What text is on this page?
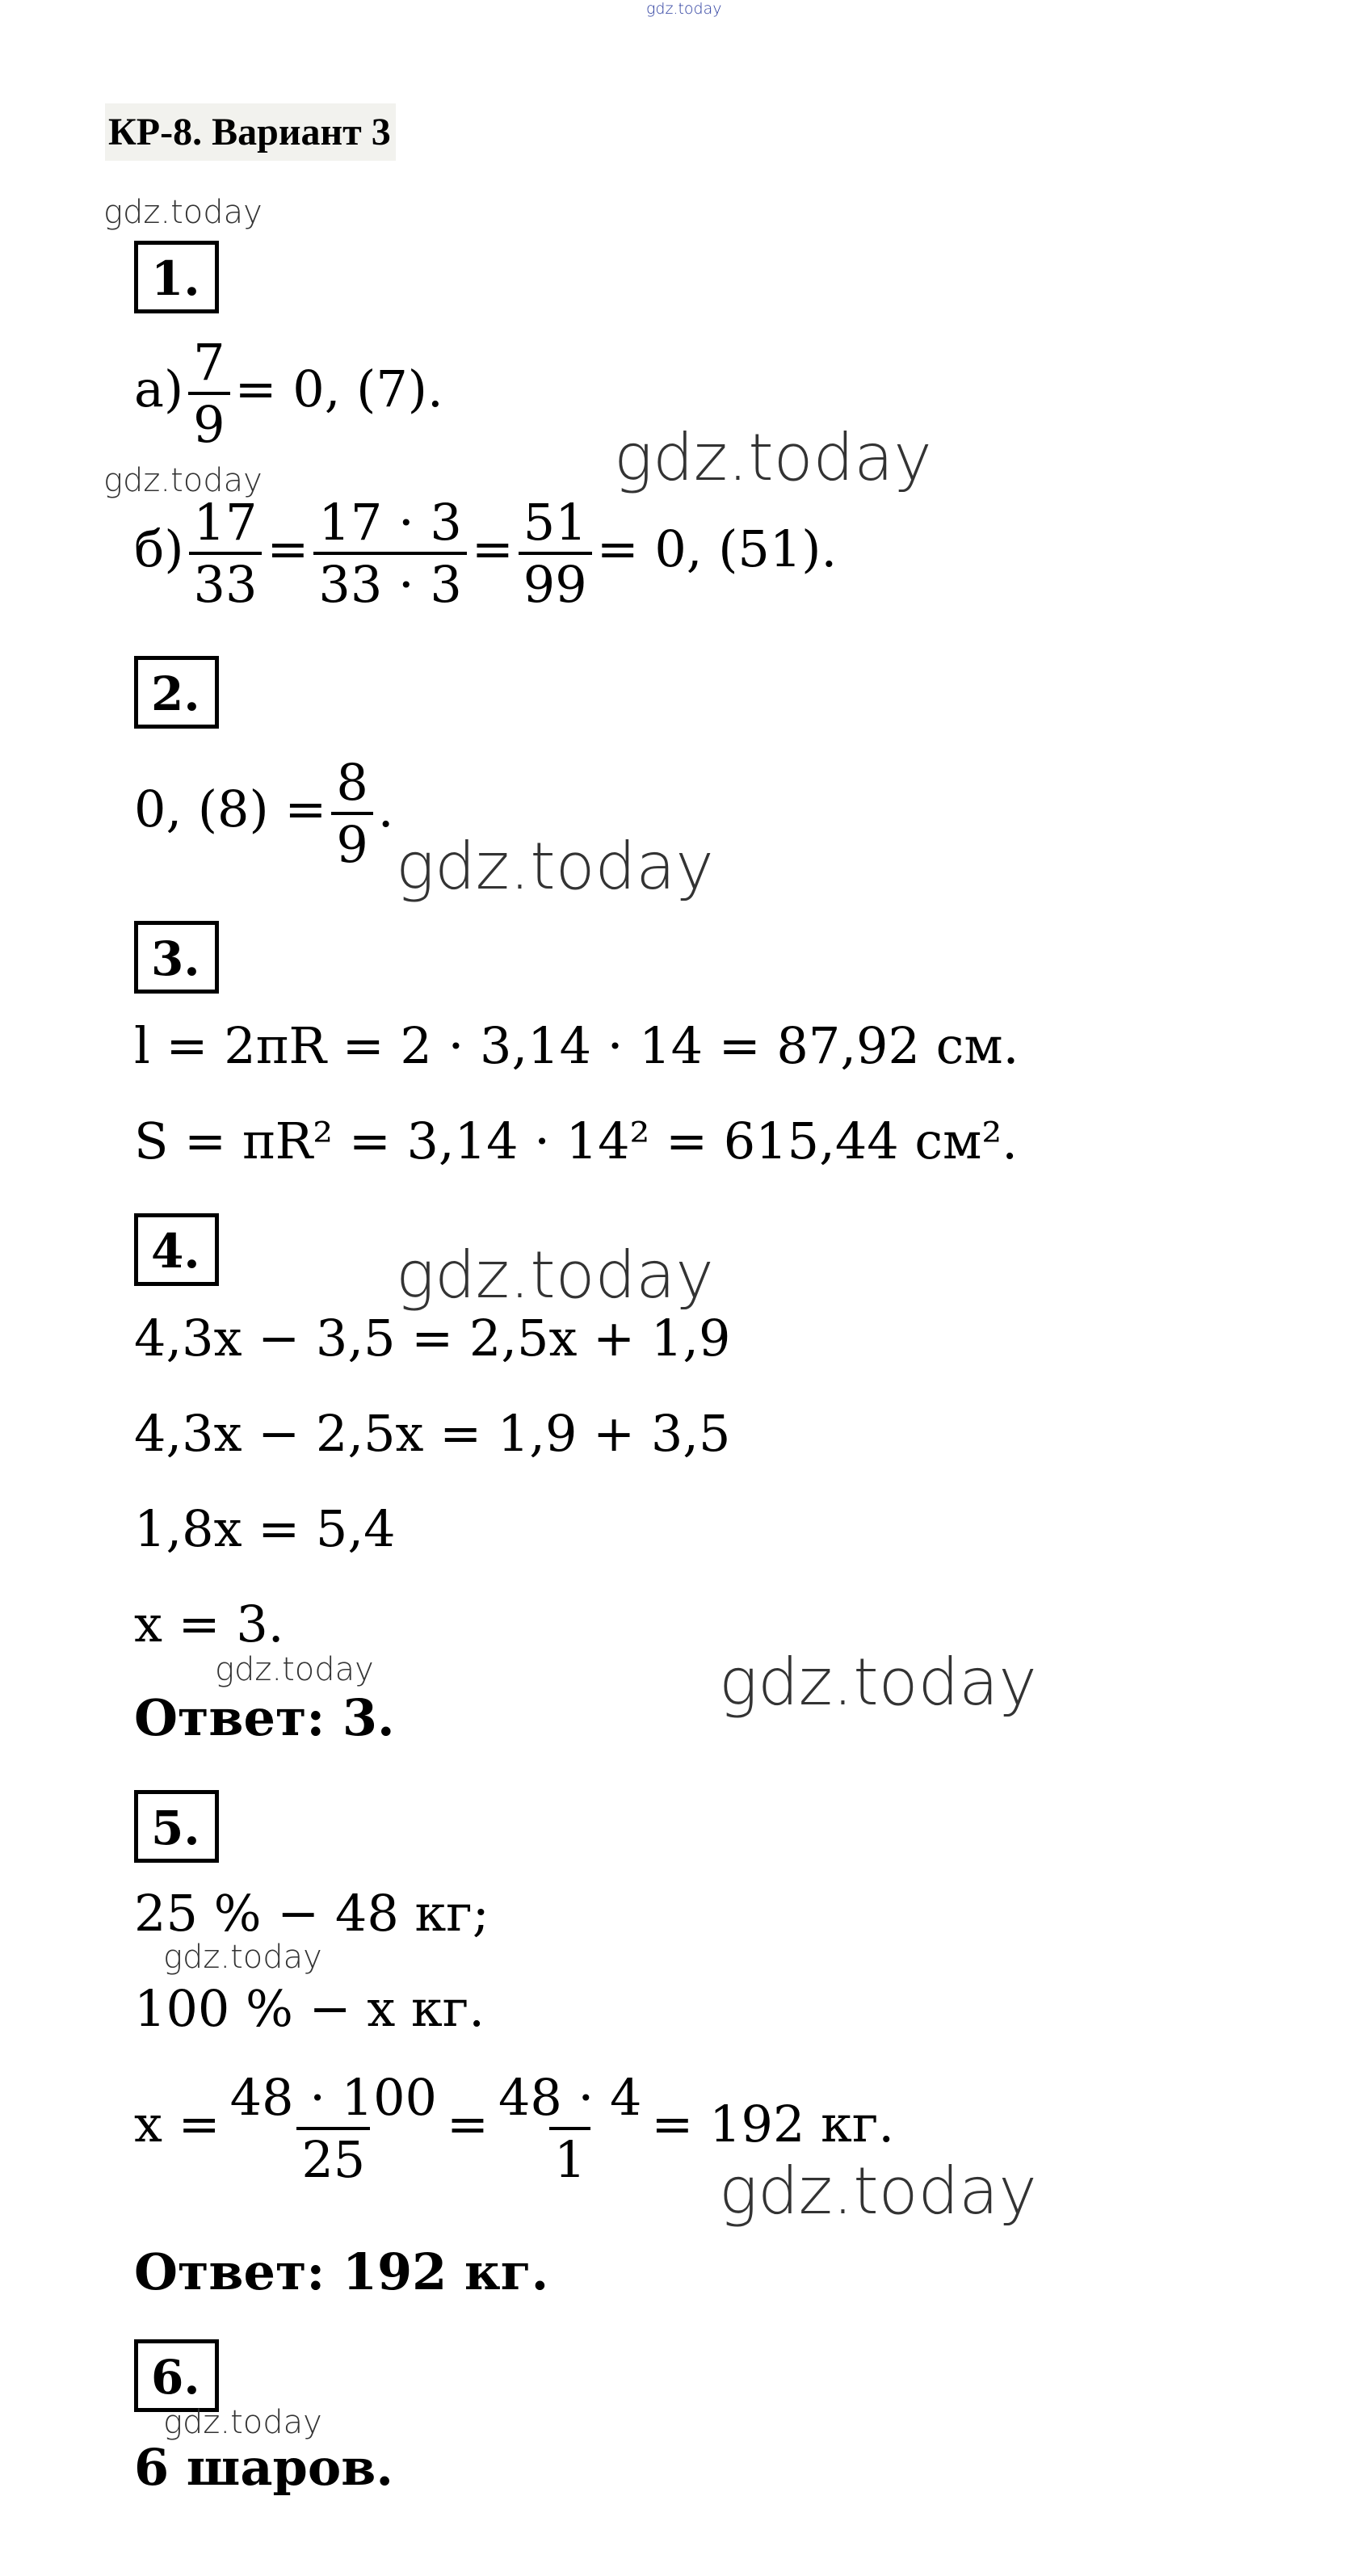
gdz.today
КР-8. Вариант 3
gdz.today
1.
$а) \frac{7}{9} = 0$, (7).
gdz.today
gdz.today
$б) \frac{17}{33} = \frac{17 \cdot 3}{33 \cdot 3} = \frac{51}{99} = 0$, (51).
2.
0, $(8) = \frac{8}{9}$ .
gdz.today
3.
l = 2πR = 2 · 3,14 · 14 = 87,92 см.
S = πR² = 3,14 · 14² = 615,44 см².
4.	gdz.today
4,3x − 3,5 = 2,5x + 1,9
4,3x − 2,5x = 1,9 + 3,5
1,8x = 5,4
x = 3.
gdz.today	gdz.today
Ответ: 3.
5.
25 % − 48 кг;
gdz.today
100 % − x кг.
$x = \frac{48 \cdot 100}{25} = \frac{48 \cdot 4}{1} = 192$ кг.
gdz.today
Ответ: 192 кг.
6.
gdz.today
6 шаров.
